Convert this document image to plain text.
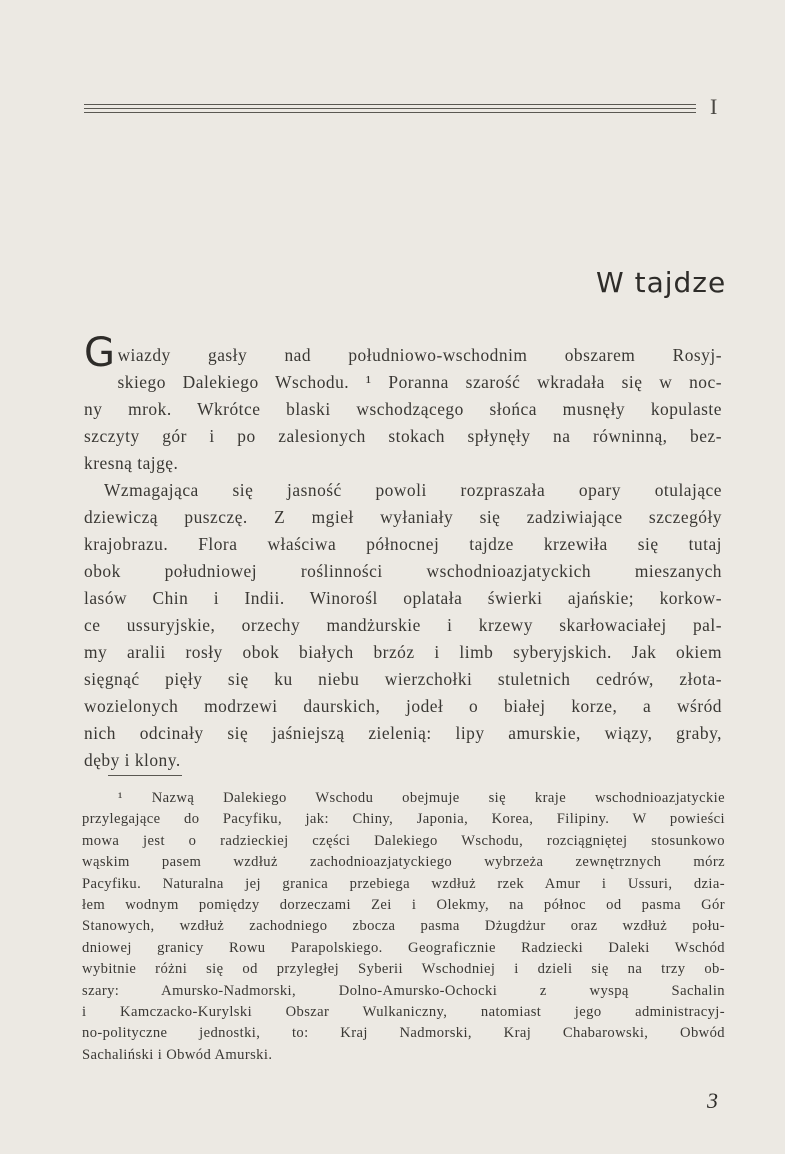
I
W tajdze
G wiazdy gasły nad południowo-wschodnim obszarem Rosyj-
skiego Dalekiego Wschodu. ¹ Poranna szarość wkradała się w noc-
ny mrok. Wkrótce blaski wschodzącego słońca musnęły kopulaste
szczyty gór i po zalesionych stokach spłynęły na równinną, bez-
kresną tajgę.
Wzmagająca się jasność powoli rozpraszała opary otulające
dziewiczą puszczę. Z mgieł wyłaniały się zadziwiające szczegóły
krajobrazu. Flora właściwa północnej tajdze krzewiła się tutaj
obok południowej roślinności wschodnioazjatyckich mieszanych
lasów Chin i Indii. Winorośl oplatała świerki ajańskie; korkow-
ce ussuryjskie, orzechy mandżurskie i krzewy skarłowaciałej pal-
my aralii rosły obok białych brzóz i limb syberyjskich. Jak okiem
sięgnąć pięły się ku niebu wierzchołki stuletnich cedrów, złota-
wozielonych modrzewi daurskich, jodeł o białej korze, a wśród
nich odcinały się jaśniejszą zielenią: lipy amurskie, wiązy, graby,
dęby i klony.
¹ Nazwą Dalekiego Wschodu obejmuje się kraje wschodnioazjatyckie
przylegające do Pacyfiku, jak: Chiny, Japonia, Korea, Filipiny. W powieści
mowa jest o radzieckiej części Dalekiego Wschodu, rozciągniętej stosunkowo
wąskim pasem wzdłuż zachodnioazjatyckiego wybrzeża zewnętrznych mórz
Pacyfiku. Naturalna jej granica przebiega wzdłuż rzek Amur i Ussuri, dzia-
łem wodnym pomiędzy dorzeczami Zei i Olekmy, na północ od pasma Gór
Stanowych, wzdłuż zachodniego zbocza pasma Dżugdżur oraz wzdłuż połu-
dniowej granicy Rowu Parapolskiego. Geograficznie Radziecki Daleki Wschód
wybitnie różni się od przyległej Syberii Wschodniej i dzieli się na trzy ob-
szary: Amursko-Nadmorski, Dolno-Amursko-Ochocki z wyspą Sachalin
i Kamczacko-Kurylski Obszar Wulkaniczny, natomiast jego administracyj-
no-polityczne jednostki, to: Kraj Nadmorski, Kraj Chabarowski, Obwód
Sachaliński i Obwód Amurski.
3
